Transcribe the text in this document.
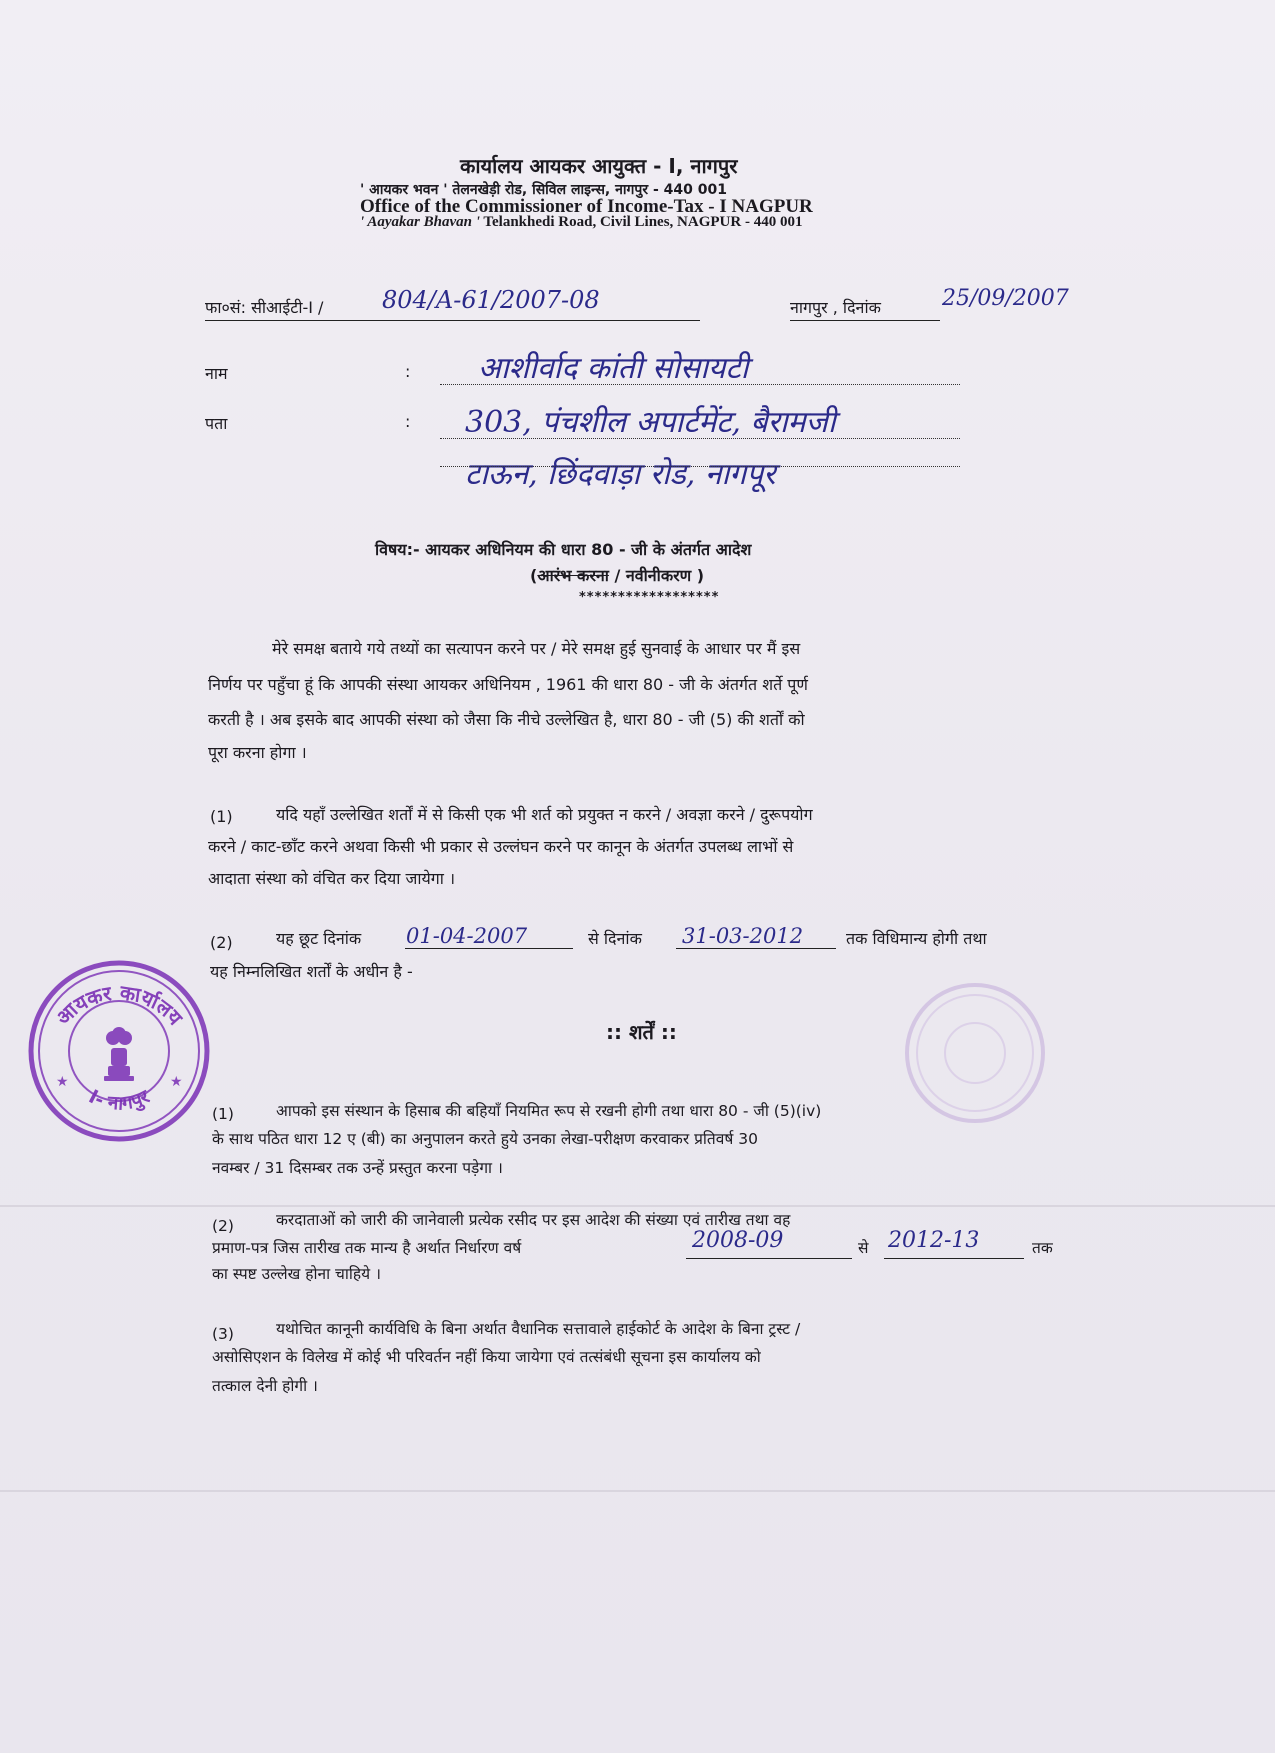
कार्यालय आयकर आयुक्त - I, नागपुर
' आयकर भवन ' तेलनखेड़ी रोड, सिविल लाइन्स, नागपुर - 440 001
Office of the Commissioner of Income-Tax - I NAGPUR
' Aayakar Bhavan ' Telankhedi Road, Civil Lines, NAGPUR - 440 001
फा०सं: सीआईटी-I / 804/A-61/2007-08	नागपुर , दिनांक	25/09/2007
नाम	: आशीर्वाद कांती सोसायटी
पता	: 303, पंचशील अपार्टमेंट, बैरामजी
टाऊन, छिंदवाड़ा रोड, नागपूर
विषय:- आयकर अधिनियम की धारा 80 - जी के अंतर्गत आदेश
(आरंभ करना / नवीनीकरण )
******************
मेरे समक्ष बताये गये तथ्यों का सत्यापन करने पर / मेरे समक्ष हुई सुनवाई के आधार पर मैं इस
निर्णय पर पहुँचा हूं कि आपकी संस्था आयकर अधिनियम , 1961 की धारा 80 - जी के अंतर्गत शर्ते पूर्ण
करती है । अब इसके बाद आपकी संस्था को जैसा कि नीचे उल्लेखित है, धारा 80 - जी (5) की शर्तों को
पूरा करना होगा ।
(1)	यदि यहाँ उल्लेखित शर्तों में से किसी एक भी शर्त को प्रयुक्त न करने / अवज्ञा करने / दुरूपयोग
करने / काट-छाँट करने अथवा किसी भी प्रकार से उल्लंघन करने पर कानून के अंतर्गत उपलब्ध लाभों से
आदाता संस्था को वंचित कर दिया जायेगा ।
(2)	यह छूट दिनांक 01-04-2007	से दिनांक 31-03-2012	तक विधिमान्य होगी तथा
यह निम्नलिखित शर्तों के अधीन है -
:: शर्तें ::
(1)	आपको इस संस्थान के हिसाब की बहियाँ नियमित रूप से रखनी होगी तथा धारा 80 - जी (5)(iv)
के साथ पठित धारा 12 ए (बी) का अनुपालन करते हुये उनका लेखा-परीक्षण करवाकर प्रतिवर्ष 30
नवम्बर / 31 दिसम्बर तक उन्हें प्रस्तुत करना पड़ेगा ।
(2)	करदाताओं को जारी की जानेवाली प्रत्येक रसीद पर इस आदेश की संख्या एवं तारीख तथा वह
प्रमाण-पत्र जिस तारीख तक मान्य है अर्थात निर्धारण वर्ष	2008-09	से 2012-13	तक
का स्पष्ट उल्लेख होना चाहिये ।
(3)	यथोचित कानूनी कार्यविधि के बिना अर्थात वैधानिक सत्तावाले हाईकोर्ट के आदेश के बिना ट्रस्ट /
असोसिएशन के विलेख में कोई भी परिवर्तन नहीं किया जायेगा एवं तत्संबंधी सूचना इस कार्यालय को
तत्काल देनी होगी ।
आयकर कार्यालय
I- नागपुर
★	★
